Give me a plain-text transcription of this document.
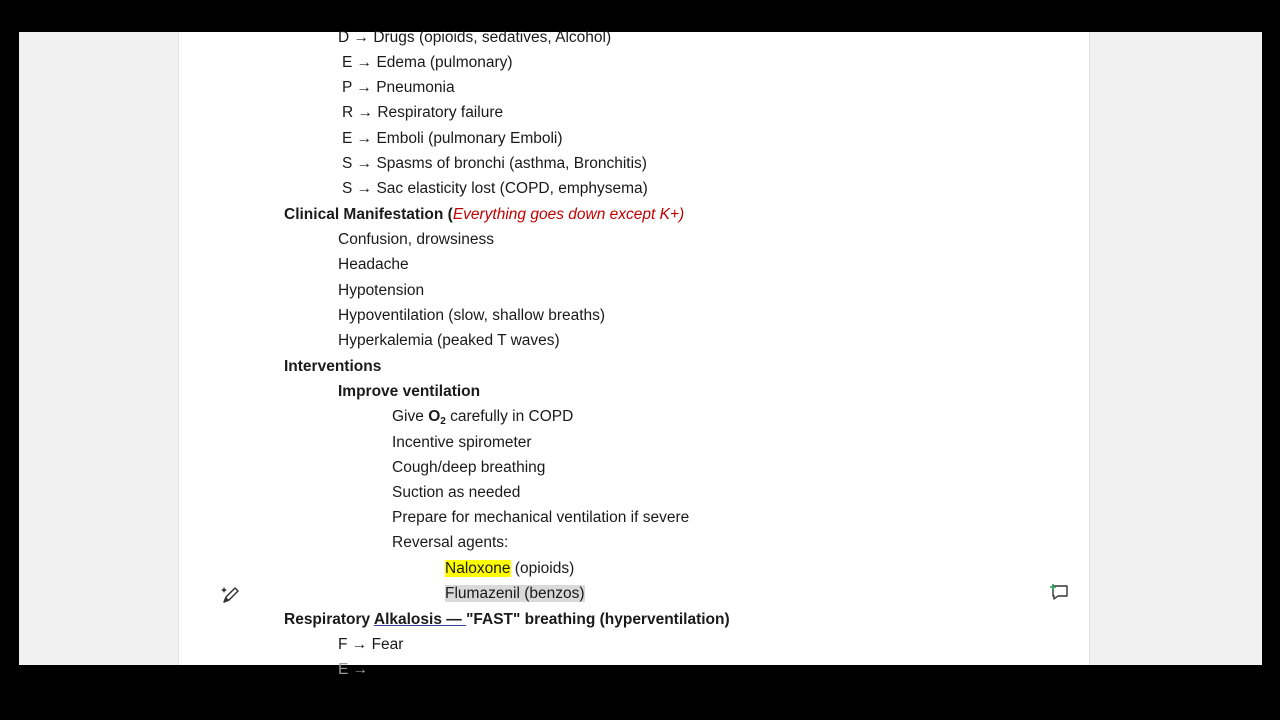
D → Drugs (opioids, sedatives, Alcohol)
E → Edema (pulmonary)
P → Pneumonia
R → Respiratory failure
E → Emboli (pulmonary Emboli)
S → Spasms of bronchi (asthma, Bronchitis)
S → Sac elasticity lost (COPD, emphysema)
Clinical Manifestation (Everything goes down except K+)
Confusion, drowsiness
Headache
Hypotension
Hypoventilation (slow, shallow breaths)
Hyperkalemia (peaked T waves)
Interventions
Improve ventilation
Give $O_2$ carefully in COPD
Incentive spirometer
Cough/deep breathing
Suction as needed
Prepare for mechanical ventilation if severe
Reversal agents:
Naloxone (opioids)
Flumazenil (benzos)
Respiratory Alkalosis — "FAST" breathing (hyperventilation)
F → Fear
E →
